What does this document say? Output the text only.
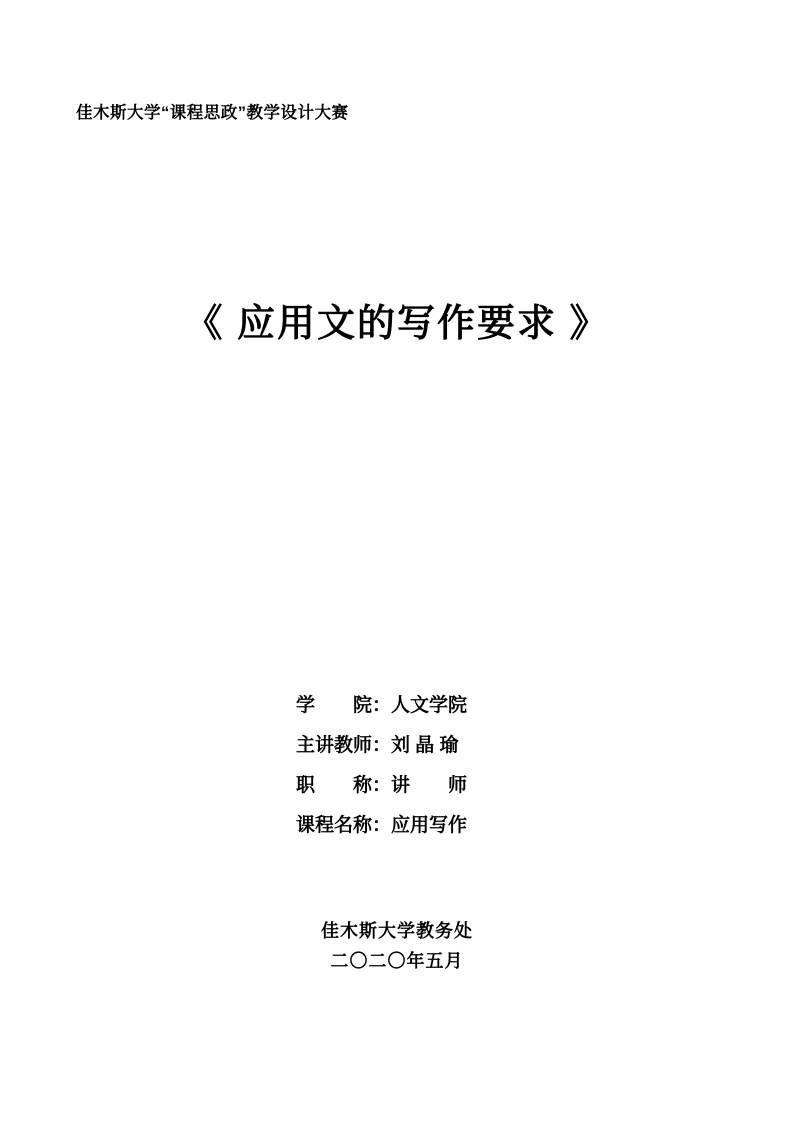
佳木斯大学“课程思政”教学设计大赛
《 应用文的写作要求 》
学　　院：人文学院
主讲教师：刘 晶 瑜
职　　称：讲　　师
课程名称：应用写作
佳木斯大学教务处
二〇二〇年五月
